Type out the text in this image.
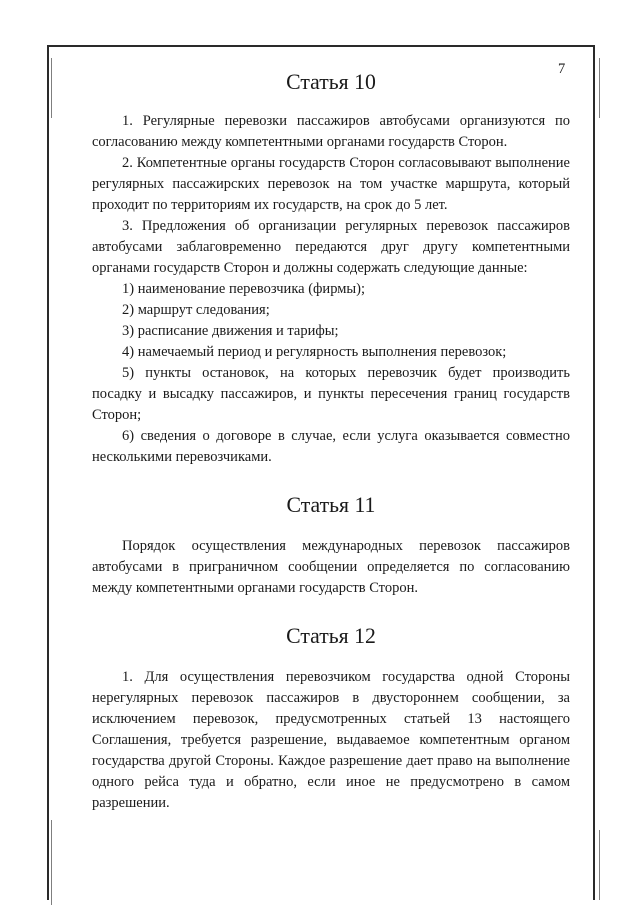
7
Статья 10

1. Регулярные перевозки пассажиров автобусами организуются по согласованию между компетентными органами государств Сторон.

2. Компетентные органы государств Сторон согласовывают выполнение регулярных пассажирских перевозок на том участке маршрута, который проходит по территориям их государств, на срок до 5 лет.

3. Предложения об организации регулярных перевозок пассажиров автобусами заблаговременно передаются друг другу компетентными органами государств Сторон и должны содержать следующие данные:

1) наименование перевозчика (фирмы);
2) маршрут следования;
3) расписание движения и тарифы;
4) намечаемый период и регулярность выполнения перевозок;
5) пункты остановок, на которых перевозчик будет производить посадку и высадку пассажиров, и пункты пересечения границ государств Сторон;
6) сведения о договоре в случае, если услуга оказывается совместно несколькими перевозчиками.
Статья 11

Порядок осуществления международных перевозок пассажиров автобусами в приграничном сообщении определяется по согласованию между компетентными органами государств Сторон.

Статья 12

1. Для осуществления перевозчиком государства одной Стороны нерегулярных перевозок пассажиров в двустороннем сообщении, за исключением перевозок, предусмотренных статьей 13 настоящего Соглашения, требуется разрешение, выдаваемое компетентным органом государства другой Стороны. Каждое разрешение дает право на выполнение одного рейса туда и обратно, если иное не предусмотрено в самом разрешении.
